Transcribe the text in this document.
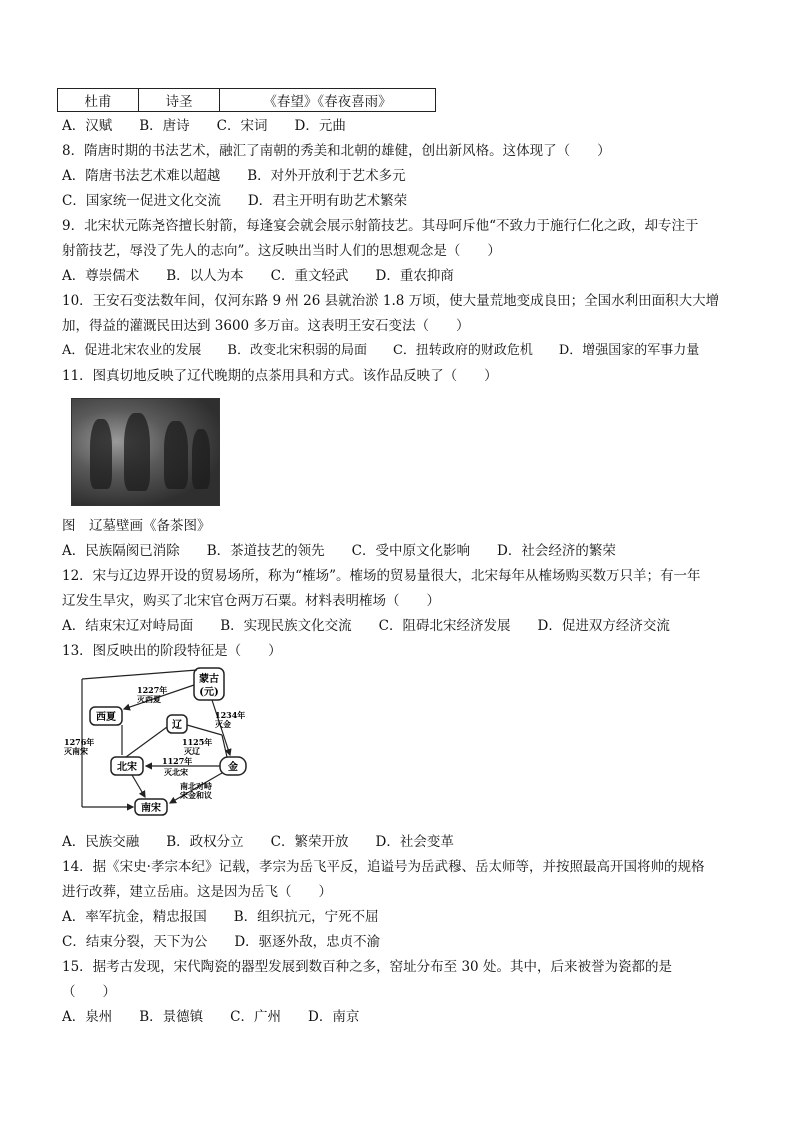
杜甫	诗圣	《春望》《春夜喜雨》
A．汉赋　　B．唐诗　　C．宋词　　D．元曲
8．隋唐时期的书法艺术，融汇了南朝的秀美和北朝的雄健，创出新风格。这体现了（　　）
A．隋唐书法艺术难以超越　　B．对外开放利于艺术多元
C．国家统一促进文化交流　　D．君主开明有助艺术繁荣
9．北宋状元陈尧咨擅长射箭，每逢宴会就会展示射箭技艺。其母呵斥他“不致力于施行仁化之政，却专注于
射箭技艺，辱没了先人的志向”。这反映出当时人们的思想观念是（　　）
A．尊崇儒术　　B．以人为本　　C．重文轻武　　D．重农抑商
10．王安石变法数年间，仅河东路 9 州 26 县就治淤 1.8 万顷，使大量荒地变成良田；全国水利田面积大大增
加，得益的灌溉民田达到 3600 多万亩。这表明王安石变法（　　）
A．促进北宋农业的发展　　B．改变北宋积弱的局面　　C．扭转政府的财政危机　　D．增强国家的军事力量
11．图真切地反映了辽代晚期的点茶用具和方式。该作品反映了（　　）
图　辽墓壁画《备茶图》
A．民族隔阂已消除　　B．茶道技艺的领先　　C．受中原文化影响　　D．社会经济的繁荣
12．宋与辽边界开设的贸易场所，称为“榷场”。榷场的贸易量很大，北宋每年从榷场购买数万只羊；有一年
辽发生旱灾，购买了北宋官仓两万石粟。材料表明榷场（　　）
A．结束宋辽对峙局面　　B．实现民族文化交流　　C．阻碍北宋经济发展　　D．促进双方经济交流
13．图反映出的阶段特征是（　　）
蒙古
(元)
西夏
辽
北宋	金
南宋
1227年
灭西夏
1234年
灭金
1125年
灭辽
1127年
灭北宋
1276年
灭南宋
南北对峙
宋金和议
A．民族交融　　B．政权分立　　C．繁荣开放　　D．社会变革
14．据《宋史·孝宗本纪》记载，孝宗为岳飞平反，追谥号为岳武穆、岳太师等，并按照最高开国将帅的规格
进行改葬，建立岳庙。这是因为岳飞（　　）
A．率军抗金，精忠报国　　B．组织抗元，宁死不屈
C．结束分裂，天下为公　　D．驱逐外敌，忠贞不渝
15．据考古发现，宋代陶瓷的器型发展到数百种之多，窑址分布至 30 处。其中，后来被誉为瓷都的是
（　　）
A．泉州　　B．景德镇　　C．广州　　D．南京
